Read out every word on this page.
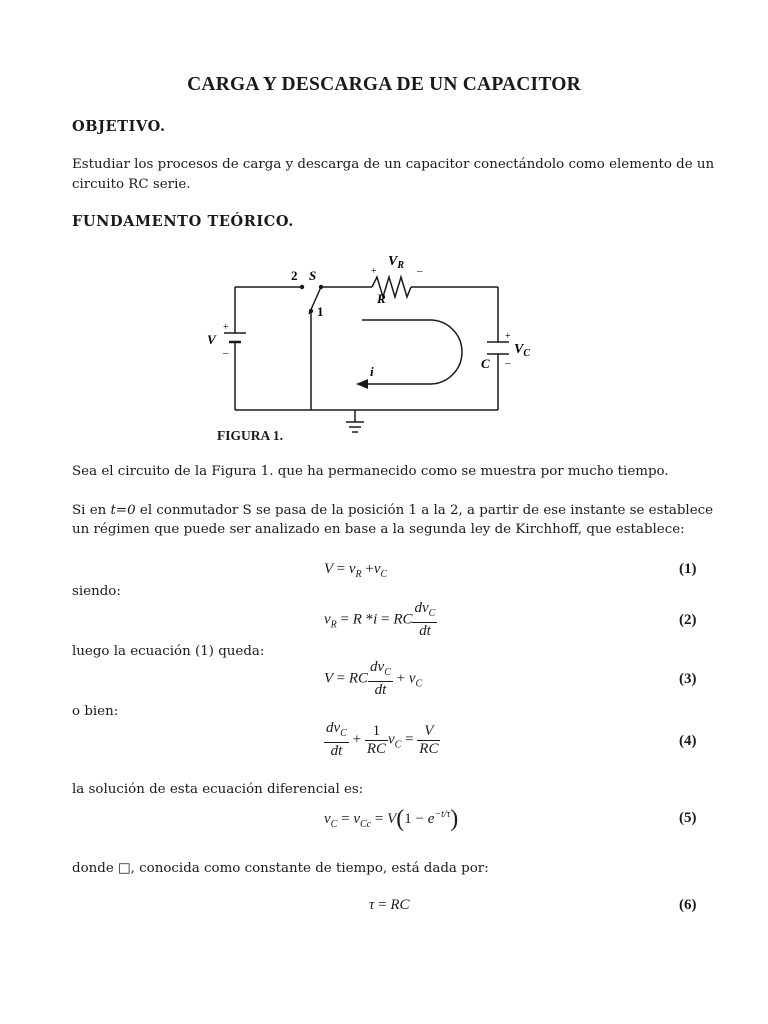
CARGA Y DESCARGA DE UN CAPACITOR
OBJETIVO.
Estudiar los procesos de carga y descarga de un capacitor conectándolo como elemento de un
circuito RC serie.
FUNDAMENTO TEÓRICO.
2 S
1
+
$V_R$ –
R
V
+
–
+
$V_C$
–
C
i
FIGURA 1.
Sea el circuito de la Figura 1. que ha permanecido como se muestra por mucho tiempo.
Si en t=0 el conmutador S se pasa de la posición 1 a la 2, a partir de ese instante se establece
un régimen que puede ser analizado en base a la segunda ley de Kirchhoff, que establece:
$V = v_R +v_C$	(1)
siendo:
$v_R = R$ *i = RC $\frac{dv_C}{dt}$	(2)
luego la ecuación (1) queda:
V = RC $\frac{dv_C}{dt} + v_C$	(3)
o bien:
$\frac{dv_C}{dt} + \frac{1}{RC} v_C = \frac{V}{RC}$	(4)
la solución de esta ecuación diferencial es:
$v_C = v_{Cc} = V(1 - e^{-t/\tau})$	(5)
donde □, conocida como constante de tiempo, está dada por:
τ = RC	(6)
